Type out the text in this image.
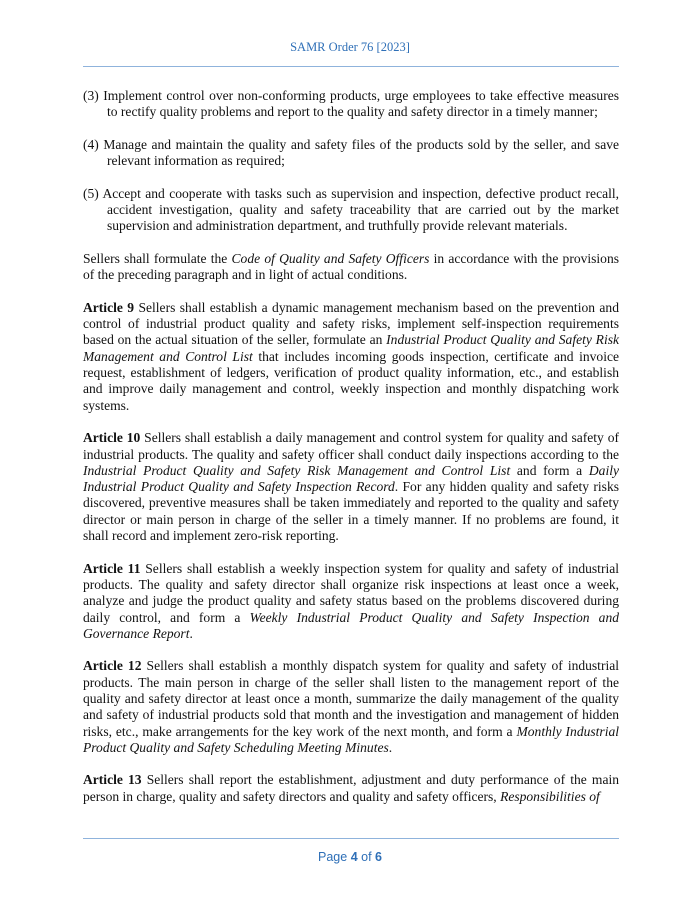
SAMR Order 76 [2023]

(3) Implement control over non-conforming products, urge employees to take effective measures to rectify quality problems and report to the quality and safety director in a timely manner;

(4) Manage and maintain the quality and safety files of the products sold by the seller, and save relevant information as required;

(5) Accept and cooperate with tasks such as supervision and inspection, defective product recall, accident investigation, quality and safety traceability that are carried out by the market supervision and administration department, and truthfully provide relevant materials.

Sellers shall formulate the Code of Quality and Safety Officers in accordance with the provisions of the preceding paragraph and in light of actual conditions.

Article 9 Sellers shall establish a dynamic management mechanism based on the prevention and control of industrial product quality and safety risks, implement self-inspection requirements based on the actual situation of the seller, formulate an Industrial Product Quality and Safety Risk Management and Control List that includes incoming goods inspection, certificate and invoice request, establishment of ledgers, verification of product quality information, etc., and establish and improve daily management and control, weekly inspection and monthly dispatching work systems.

Article 10 Sellers shall establish a daily management and control system for quality and safety of industrial products. The quality and safety officer shall conduct daily inspections according to the Industrial Product Quality and Safety Risk Management and Control List and form a Daily Industrial Product Quality and Safety Inspection Record. For any hidden quality and safety risks discovered, preventive measures shall be taken immediately and reported to the quality and safety director or main person in charge of the seller in a timely manner. If no problems are found, it shall record and implement zero-risk reporting.

Article 11 Sellers shall establish a weekly inspection system for quality and safety of industrial products. The quality and safety director shall organize risk inspections at least once a week, analyze and judge the product quality and safety status based on the problems discovered during daily control, and form a Weekly Industrial Product Quality and Safety Inspection and Governance Report.

Article 12 Sellers shall establish a monthly dispatch system for quality and safety of industrial products. The main person in charge of the seller shall listen to the management report of the quality and safety director at least once a month, summarize the daily management of the quality and safety of industrial products sold that month and the investigation and management of hidden risks, etc., make arrangements for the key work of the next month, and form a Monthly Industrial Product Quality and Safety Scheduling Meeting Minutes.

Article 13 Sellers shall report the establishment, adjustment and duty performance of the main person in charge, quality and safety directors and quality and safety officers, Responsibilities of

Page 4 of 6
